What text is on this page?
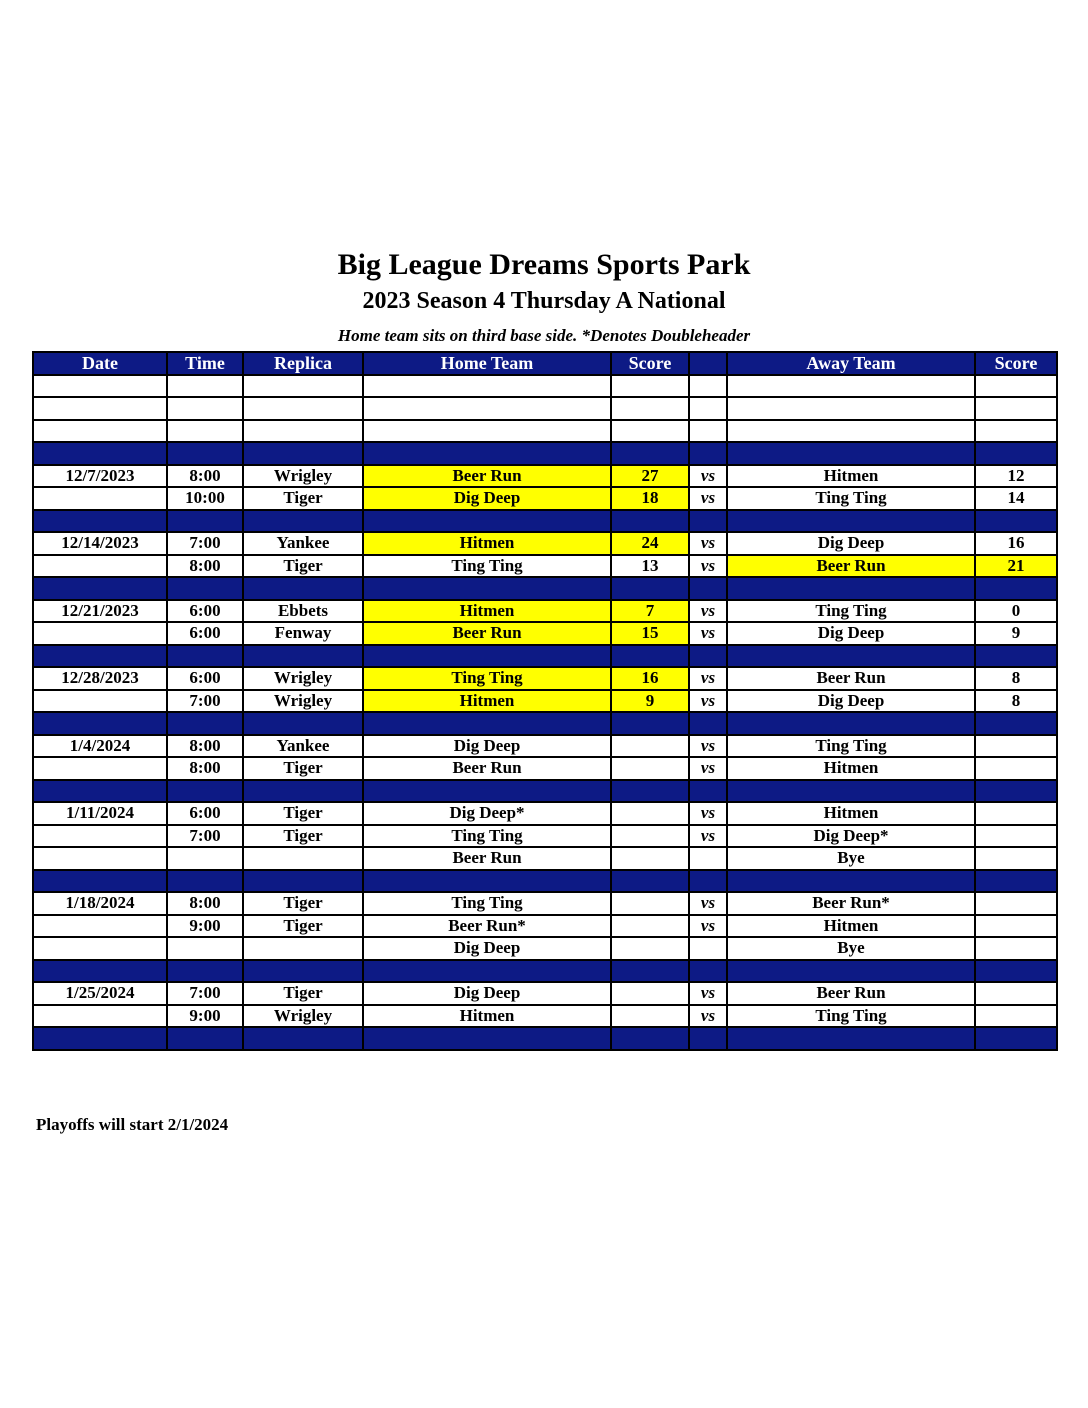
Big League Dreams Sports Park
2023 Season 4 Thursday A National
Home team sits on third base side. *Denotes Doubleheader
Date	Time	Replica	Home Team	Score		Away Team	Score

12/7/2023	8:00	Wrigley	Beer Run	27	vs	Hitmen	12
	10:00	Tiger	Dig Deep	18	vs	Ting Ting	14

12/14/2023	7:00	Yankee	Hitmen	24	vs	Dig Deep	16
	8:00	Tiger	Ting Ting	13	vs	Beer Run	21

12/21/2023	6:00	Ebbets	Hitmen	7	vs	Ting Ting	0
	6:00	Fenway	Beer Run	15	vs	Dig Deep	9

12/28/2023	6:00	Wrigley	Ting Ting	16	vs	Beer Run	8
	7:00	Wrigley	Hitmen	9	vs	Dig Deep	8

1/4/2024	8:00	Yankee	Dig Deep		vs	Ting Ting	
	8:00	Tiger	Beer Run		vs	Hitmen	

1/11/2024	6:00	Tiger	Dig Deep*		vs	Hitmen	
	7:00	Tiger	Ting Ting		vs	Dig Deep*	
			Beer Run			Bye	

1/18/2024	8:00	Tiger	Ting Ting		vs	Beer Run*	
	9:00	Tiger	Beer Run*		vs	Hitmen	
			Dig Deep			Bye	

1/25/2024	7:00	Tiger	Dig Deep		vs	Beer Run	
	9:00	Wrigley	Hitmen		vs	Ting Ting	

Playoffs will start 2/1/2024
